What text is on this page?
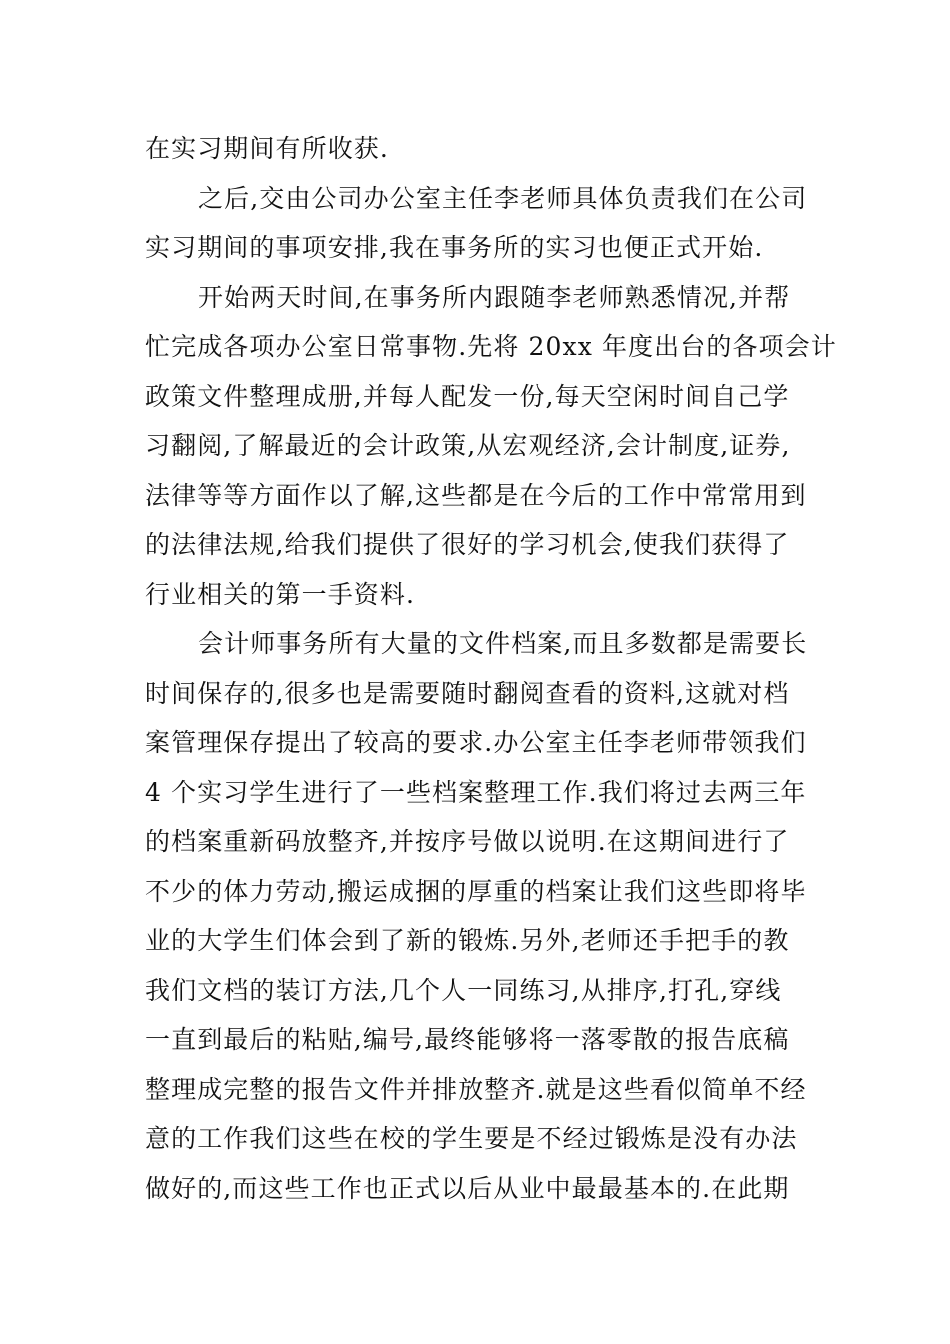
在实习期间有所收获.
之后,交由公司办公室主任李老师具体负责我们在公司
实习期间的事项安排,我在事务所的实习也便正式开始.
开始两天时间,在事务所内跟随李老师熟悉情况,并帮
忙完成各项办公室日常事物.先将 20xx 年度出台的各项会计
政策文件整理成册,并每人配发一份,每天空闲时间自己学
习翻阅,了解最近的会计政策,从宏观经济,会计制度,证券,
法律等等方面作以了解,这些都是在今后的工作中常常用到
的法律法规,给我们提供了很好的学习机会,使我们获得了
行业相关的第一手资料.
会计师事务所有大量的文件档案,而且多数都是需要长
时间保存的,很多也是需要随时翻阅查看的资料,这就对档
案管理保存提出了较高的要求.办公室主任李老师带领我们
4 个实习学生进行了一些档案整理工作.我们将过去两三年
的档案重新码放整齐,并按序号做以说明.在这期间进行了
不少的体力劳动,搬运成捆的厚重的档案让我们这些即将毕
业的大学生们体会到了新的锻炼.另外,老师还手把手的教
我们文档的装订方法,几个人一同练习,从排序,打孔,穿线
一直到最后的粘贴,编号,最终能够将一落零散的报告底稿
整理成完整的报告文件并排放整齐.就是这些看似简单不经
意的工作我们这些在校的学生要是不经过锻炼是没有办法
做好的,而这些工作也正式以后从业中最最基本的.在此期
